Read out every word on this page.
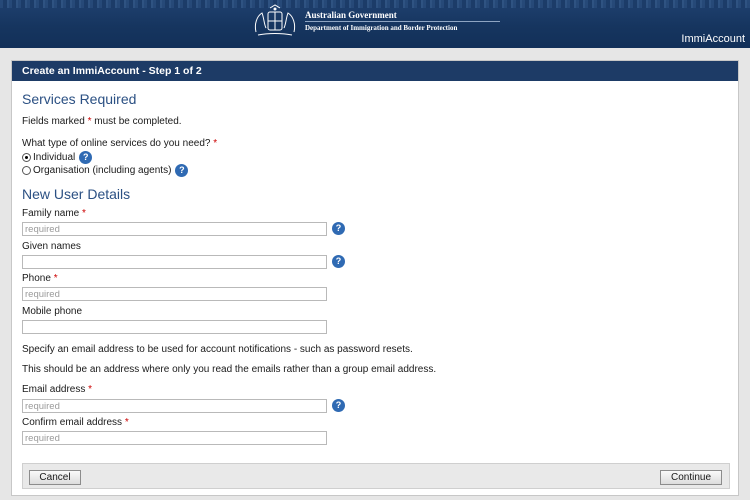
Australian Government
Department of Immigration and Border Protection
ImmiAccount
Create an ImmiAccount - Step 1 of 2
Services Required
Fields marked * must be completed.
What type of online services do you need? *
Individual ?
Organisation (including agents) ?
New User Details
Family name *
required
?
Given names
?
Phone *
required
Mobile phone
Specify an email address to be used for account notifications - such as password resets.
This should be an address where only you read the emails rather than a group email address.
Email address *
required
?
Confirm email address *
required
Cancel	Continue
